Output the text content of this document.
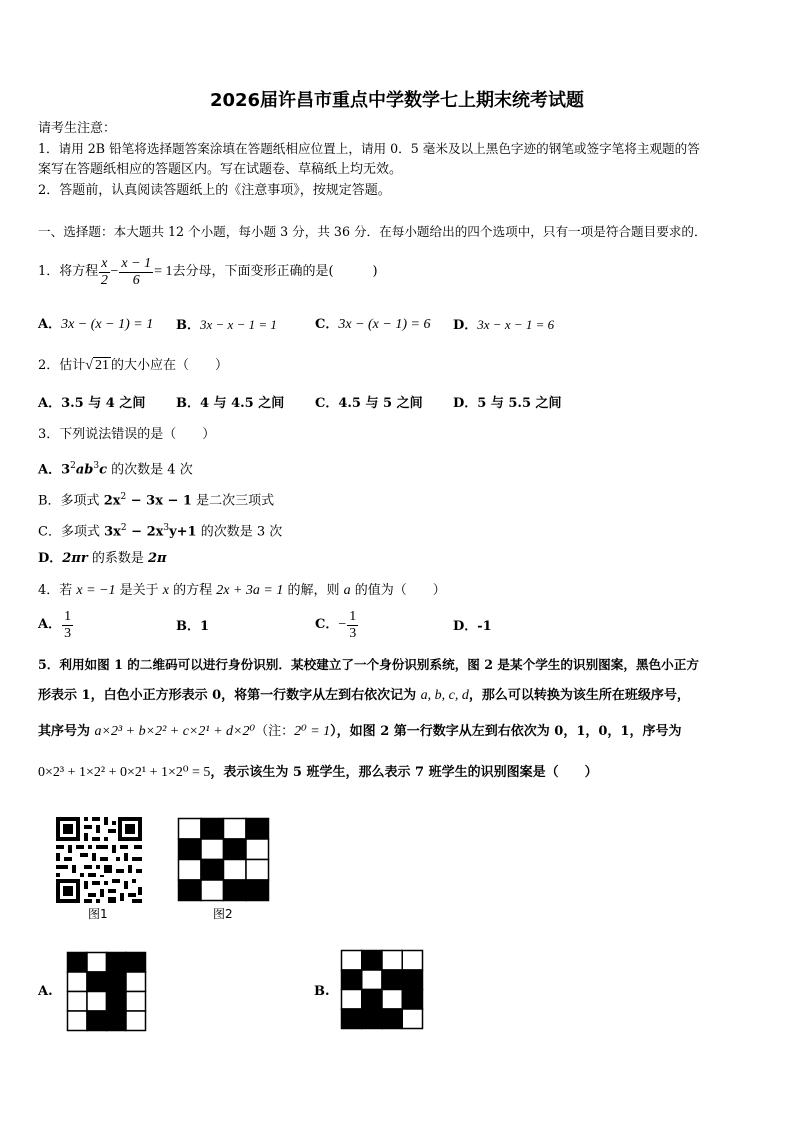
2026届许昌市重点中学数学七上期末统考试题
请考生注意：
1．请用 2B 铅笔将选择题答案涂填在答题纸相应位置上，请用 0．5 毫米及以上黑色字迹的钢笔或签字笔将主观题的答
案写在答题纸相应的答题区内。写在试题卷、草稿纸上均无效。
2．答题前，认真阅读答题纸上的《注意事项》，按规定答题。
一、选择题：本大题共 12 个小题，每小题 3 分，共 36 分．在每小题给出的四个选项中，只有一项是符合题目要求的．
1．将方程 $\frac{x}{2} - \frac{x - 1}{6} = 1$ 去分母，下面变形正确的是(　　　)
A．3x − (x − 1) = 1 B．3x − x − 1 = 1	C．3x − (x − 1) = 6 D．3x − x − 1 = 6
2．估计 √ 21 的大小应在（　　）
A．3.5 与 4 之间 B．4 与 4.5 之间 C．4.5 与 5 之间 D．5 与 5.5 之间
3．下列说法错误的是（　　）
A．$3^2ab^3c$ 的次数是 4 次
B．多项式 $2x^2 - 3x - 1$ 是二次三项式
C．多项式 $3x^2 - 2x^3y+1$ 的次数是 3 次
D．2πr 的系数是 2π
4．若 x = −1 是关于 x 的方程 2x + 3a = 1 的解，则 a 的值为（　　）
A． $\frac{1}{3}$	B．1	C． − $\frac{1}{3}$	D．-1
5．利用如图 1 的二维码可以进行身份识别．某校建立了一个身份识别系统，图 2 是某个学生的识别图案，黑色小正方
形表示 1，白色小正方形表示 0，将第一行数字从左到右依次记为 a, b, c, d，那么可以转换为该生所在班级序号，
其序号为 a×2³ + b×2² + c×2¹ + d×2⁰（注：2⁰ = 1），如图 2 第一行数字从左到右依次为 0，1，0，1，序号为
0×2³ + 1×2² + 0×2¹ + 1×2⁰ = 5，表示该生为 5 班学生，那么表示 7 班学生的识别图案是（　　）
图1	图2
A.	B.
